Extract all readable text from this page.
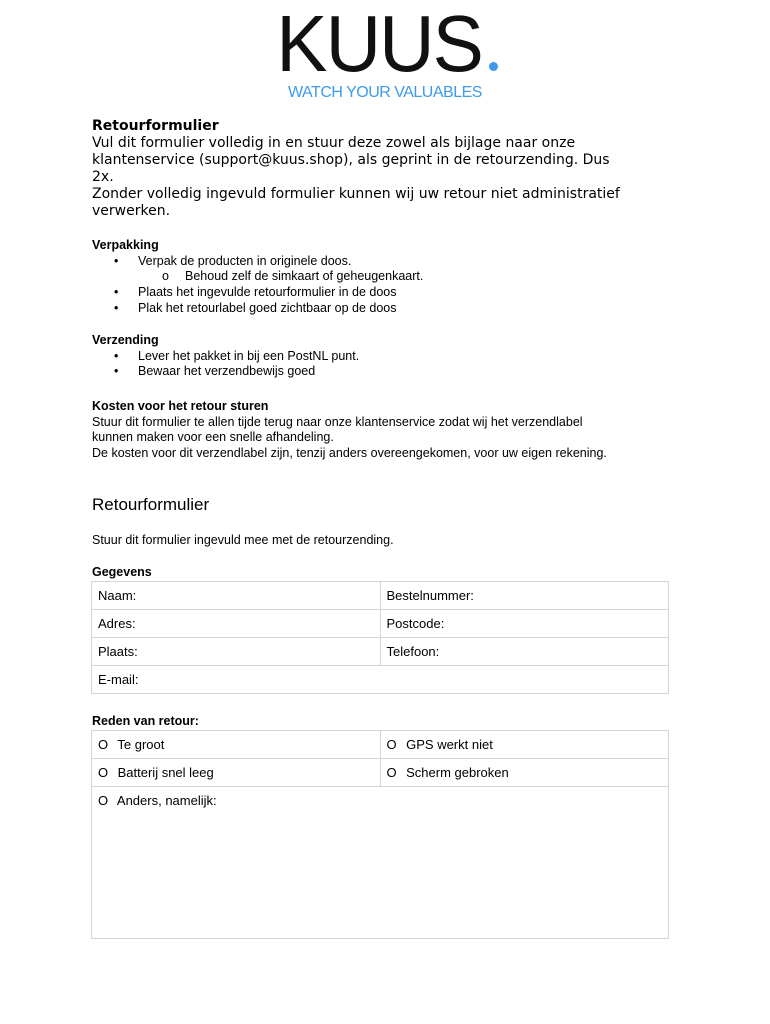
KUUS
WATCH YOUR VALUABLES
Retourformulier
Vul dit formulier volledig in en stuur deze zowel als bijlage naar onze
klantenservice (support@kuus.shop), als geprint in de retourzending. Dus
2x.
Zonder volledig ingevuld formulier kunnen wij uw retour niet administratief
verwerken.
Verpakking
• Verpak de producten in originele doos.
o Behoud zelf de simkaart of geheugenkaart.
• Plaats het ingevulde retourformulier in de doos
• Plak het retourlabel goed zichtbaar op de doos
Verzending
• Lever het pakket in bij een PostNL punt.
• Bewaar het verzendbewijs goed
Kosten voor het retour sturen
Stuur dit formulier te allen tijde terug naar onze klantenservice zodat wij het verzendlabel
kunnen maken voor een snelle afhandeling.
De kosten voor dit verzendlabel zijn, tenzij anders overeengekomen, voor uw eigen rekening.
Retourformulier
Stuur dit formulier ingevuld mee met de retourzending.
Gegevens
Naam:	Bestelnummer:
Adres:	Postcode:
Plaats:	Telefoon:
E-mail:	
Reden van retour:
O Te groot	O GPS werkt niet
O Batterij snel leeg	O Scherm gebroken
O Anders, namelijk:	
